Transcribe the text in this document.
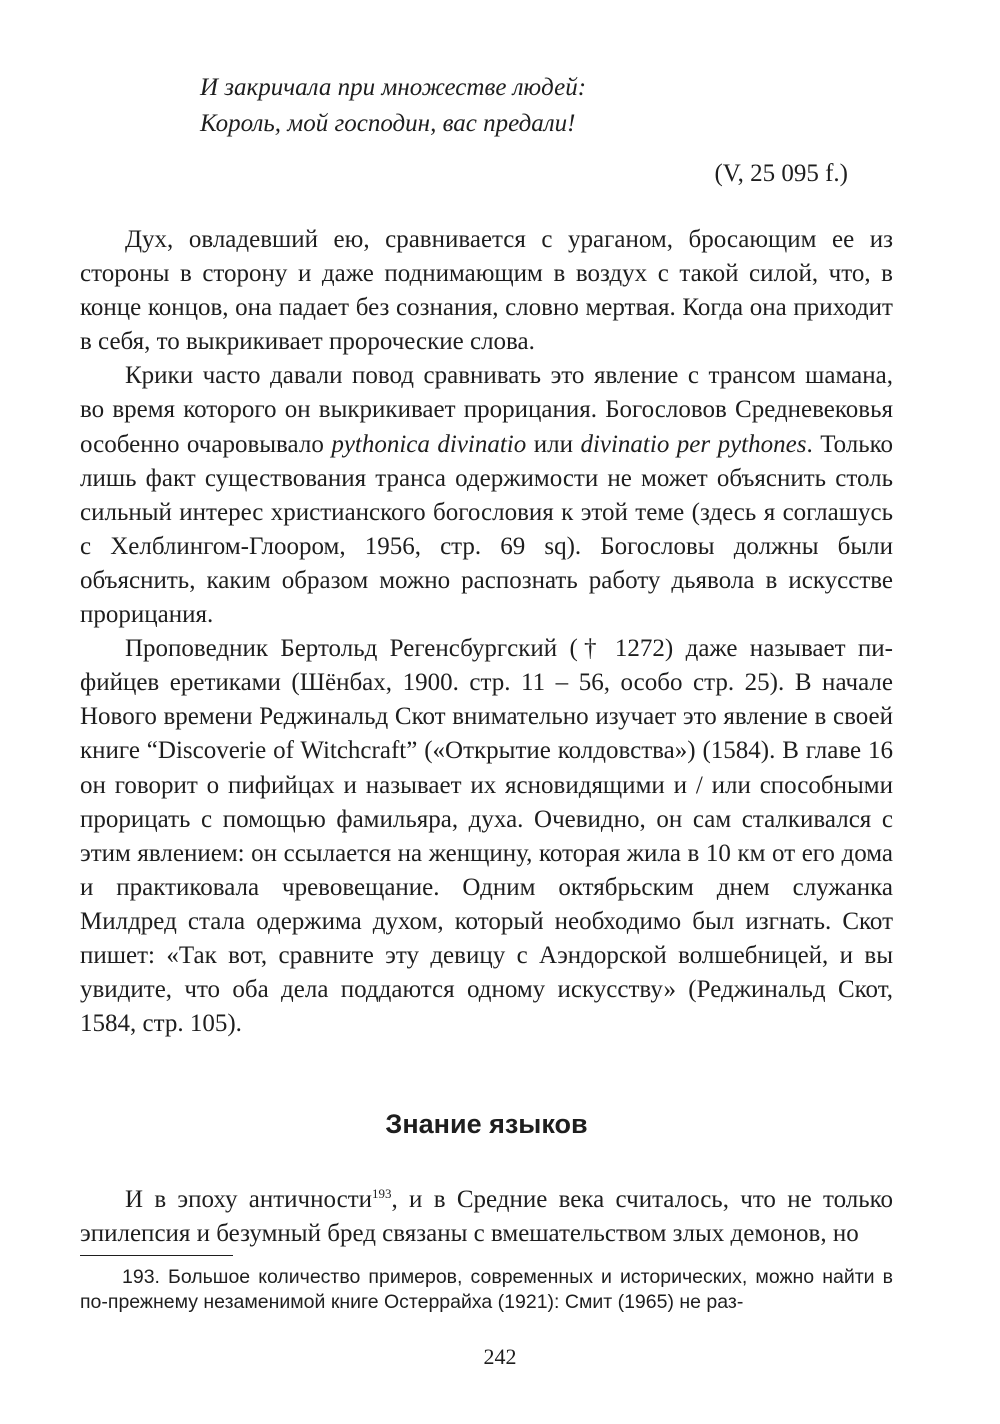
И закричала при множестве людей:
Король, мой господин, вас предали!
(V, 25 095 f.)

Дух, овладевший ею, сравнивается с ураганом, бросающим ее из стороны в сторону и даже поднимающим в воздух с такой силой, что, в конце концов, она падает без сознания, словно мертвая. Когда она приходит в себя, то выкрикивает пророческие слова.

Крики часто давали повод сравнивать это явление с трансом шамана, во время которого он выкрикивает прорицания. Богословов Средневековья особенно очаровывало pythonica divinatio или divinatio per pythones. Только лишь факт существования транса одержимости не может объяснить столь сильный интерес христианского богословия к этой теме (здесь я соглашусь с Хелблингом-Глоором, 1956, стр. 69 sq). Богословы должны были объяснить, каким образом можно распознать работу дьявола в искусстве прорицания.

Проповедник Бертольд Регенсбургский († 1272) даже называет пифийцев еретиками (Шёнбах, 1900. стр. 11 – 56, особо стр. 25). В начале Нового времени Реджинальд Скот внимательно изучает это явление в своей книге “Discoverie of Witchcraft” («Открытие колдовства») (1584). В главе 16 он говорит о пифийцах и называет их ясновидящими и / или способными прорицать с помощью фамильяра, духа. Очевидно, он сам сталкивался с этим явлением: он ссылается на женщину, которая жила в 10 км от его дома и практиковала чревовещание. Одним октябрьским днем служанка Милдред стала одержима духом, который необходимо был изгнать. Скот пишет: «Так вот, сравните эту девицу с Аэндорской волшебницей, и вы увидите, что оба дела поддаются одному искусству» (Реджинальд Скот, 1584, стр. 105).

Знание языков

И в эпоху античности$^{193}$, и в Средние века считалось, что не только эпилепсия и безумный бред связаны с вмешательством злых демонов, но

193. Большое количество примеров, современных и исторических, можно найти в по-прежнему незаменимой книге Остеррайха (1921): Смит (1965) не раз-

242
